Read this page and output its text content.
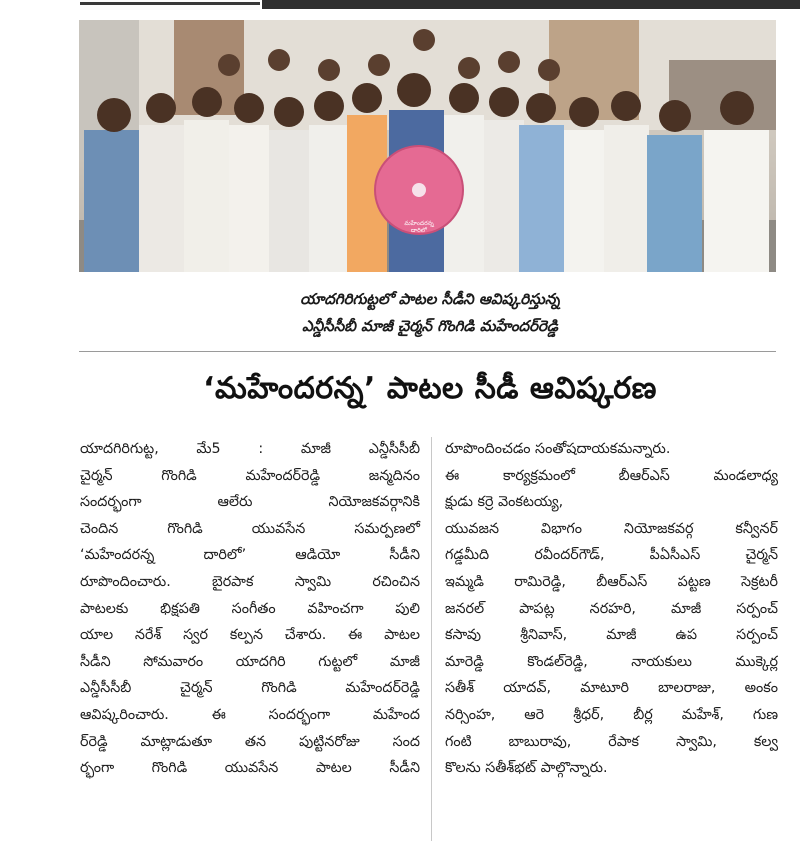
మహేందరన్న
దారిలో
యాదగిరిగుట్టలో పాటల సీడీని ఆవిష్కరిస్తున్న
ఎన్డీసీసీబీ మాజీ చైర్మన్ గొంగిడి మహేందర్‌రెడ్డి
‘మహేందరన్న’ పాటల సీడీ ఆవిష్కరణ

యాదగిరిగుట్ట, మే5 : మాజీ ఎన్డీసీసీబీ

చైర్మన్ గొంగిడి మహేందర్‌రెడ్డి జన్మదినం

సందర్భంగా ఆలేరు నియోజకవర్గానికి

చెందిన గొంగిడి యువసేన సమర్పణలో

‘మహేందరన్న దారిలో’ ఆడియో సీడీని

రూపొందించారు. బైరపాక స్వామి రచించిన

పాటలకు భిక్షపతి సంగీతం వహించగా పులి

యాల నరేశ్ స్వర కల్పన చేశారు. ఈ పాటల

సీడీని సోమవారం యాదగిరి గుట్టలో మాజీ

ఎన్డీసీసీబీ చైర్మన్ గొంగిడి మహేందర్‌రెడ్డి

ఆవిష్కరించారు. ఈ సందర్భంగా మహేంద

ర్‌రెడ్డి మాట్లాడుతూ తన పుట్టినరోజు సంద

ర్భంగా గొంగిడి యువసేన పాటల సీడీని

రూపొందించడం సంతోషదాయకమన్నారు.

ఈ కార్యక్రమంలో బీఆర్‌ఎస్ మండలాధ్య

క్షుడు కర్రె వెంకటయ్య,

యువజన విభాగం నియోజకవర్గ కన్వీనర్

గడ్డమీది రవీందర్‌గౌడ్, పీఏసీఎస్ చైర్మన్

ఇమ్మడి రామిరెడ్డి, బీఆర్‌ఎస్ పట్టణ సెక్రటరీ

జనరల్ పాపట్ల నరహరి, మాజీ సర్పంచ్

కసావు శ్రీనివాస్, మాజీ ఉప సర్పంచ్

మారెడ్డి కొండల్‌రెడ్డి, నాయకులు ముక్కెర్ల

సతీశ్ యాదవ్, మాటూరి బాలరాజు, అంకం

నర్సింహ, ఆరె శ్రీధర్, బీర్ల మహేశ్, గుణ

గంటి బాబురావు, రేపాక స్వామి, కల్వ

కొలను సతీశ్‌భట్ పాల్గొన్నారు.
